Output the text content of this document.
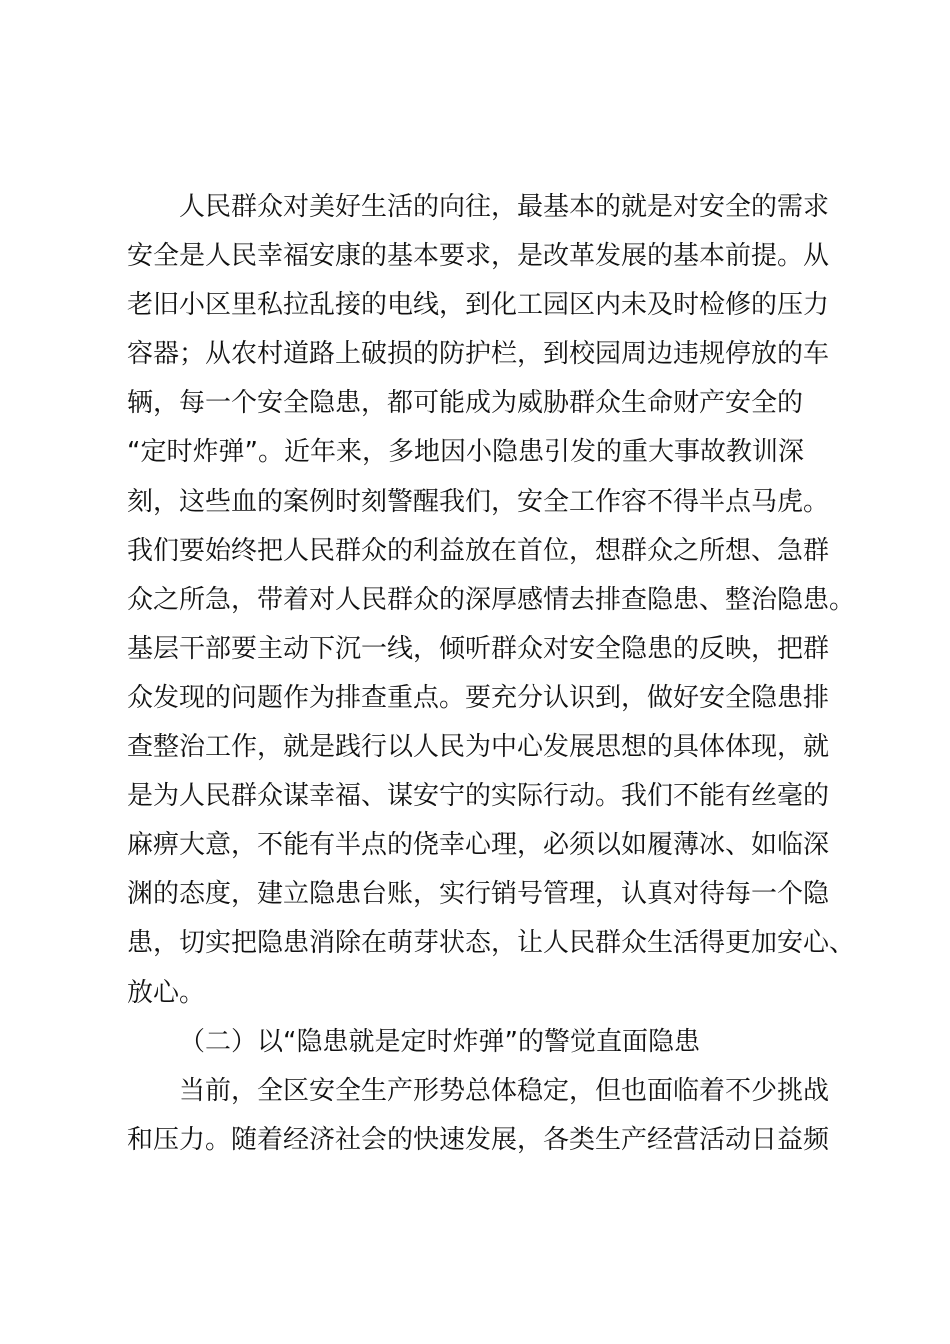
人民群众对美好生活的向往，最基本的就是对安全的需求
安全是人民幸福安康的基本要求，是改革发展的基本前提。从
老旧小区里私拉乱接的电线，到化工园区内未及时检修的压力
容器；从农村道路上破损的防护栏，到校园周边违规停放的车
辆，每一个安全隐患，都可能成为威胁群众生命财产安全的
“定时炸弹”。近年来，多地因小隐患引发的重大事故教训深
刻，这些血的案例时刻警醒我们，安全工作容不得半点马虎。
我们要始终把人民群众的利益放在首位，想群众之所想、急群
众之所急，带着对人民群众的深厚感情去排查隐患、整治隐患。
基层干部要主动下沉一线，倾听群众对安全隐患的反映，把群
众发现的问题作为排查重点。要充分认识到，做好安全隐患排
查整治工作，就是践行以人民为中心发展思想的具体体现，就
是为人民群众谋幸福、谋安宁的实际行动。我们不能有丝毫的
麻痹大意，不能有半点的侥幸心理，必须以如履薄冰、如临深
渊的态度，建立隐患台账，实行销号管理，认真对待每一个隐
患，切实把隐患消除在萌芽状态，让人民群众生活得更加安心、
放心。
（二）以“隐患就是定时炸弹”的警觉直面隐患
当前，全区安全生产形势总体稳定，但也面临着不少挑战
和压力。随着经济社会的快速发展，各类生产经营活动日益频
